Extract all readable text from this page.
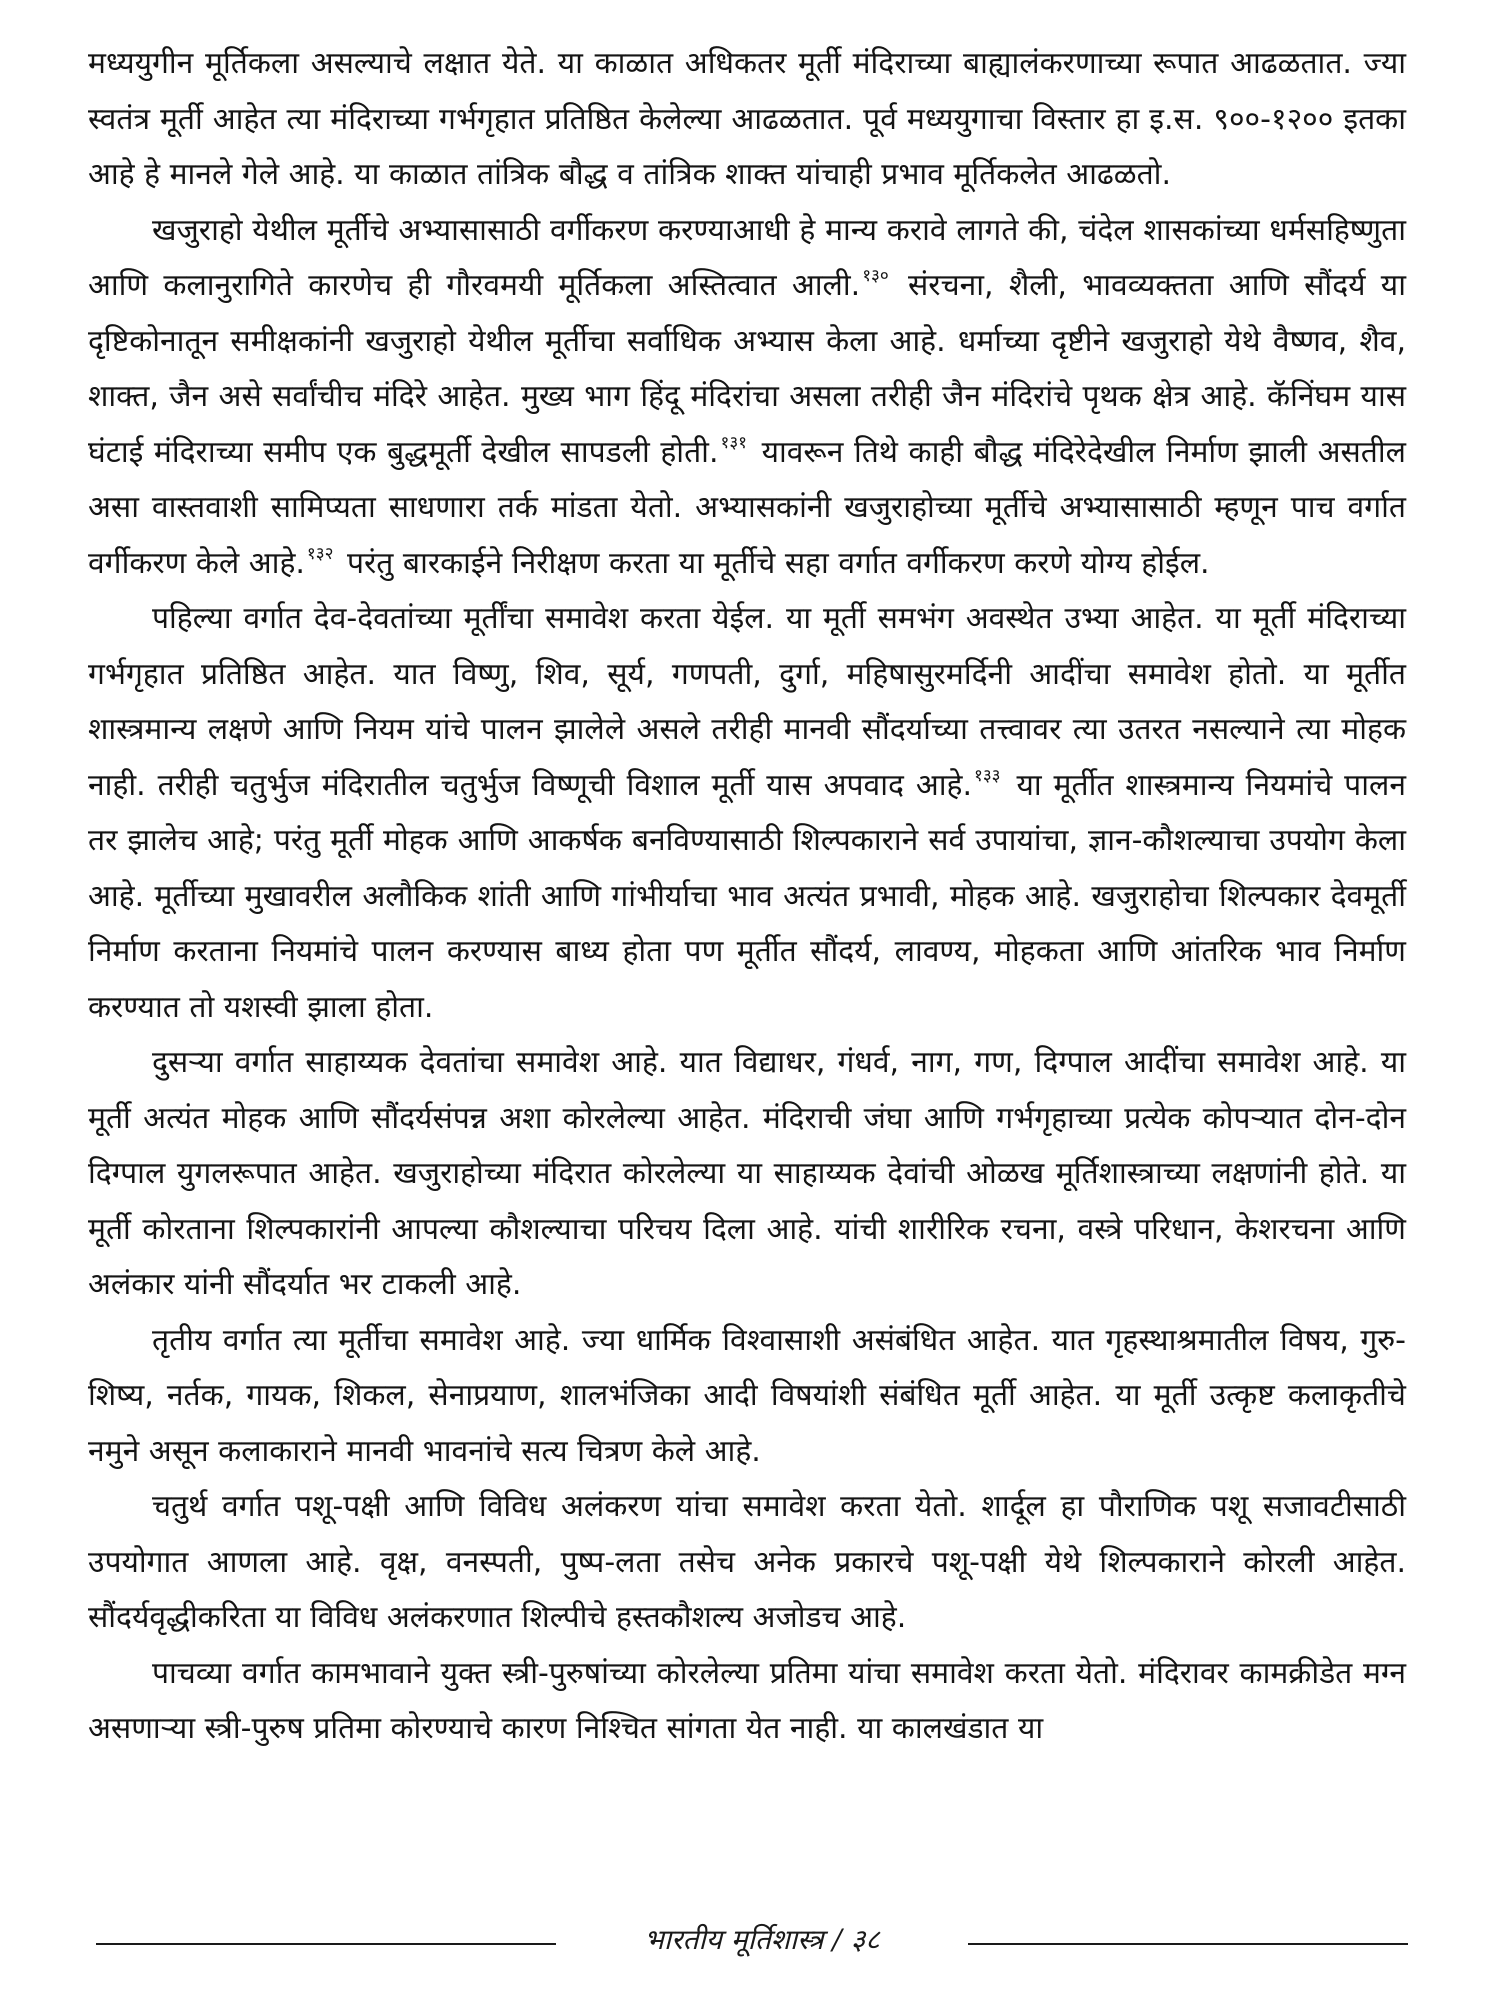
मध्ययुगीन मूर्तिकला असल्याचे लक्षात येते. या काळात अधिकतर मूर्ती मंदिराच्या बाह्यालंकरणाच्या रूपात आढळतात. ज्या स्वतंत्र मूर्ती आहेत त्या मंदिराच्या गर्भगृहात प्रतिष्ठित केलेल्या आढळतात. पूर्व मध्ययुगाचा विस्तार हा इ.स. ९००-१२०० इतका आहे हे मानले गेले आहे. या काळात तांत्रिक बौद्ध व तांत्रिक शाक्त यांचाही प्रभाव मूर्तिकलेत आढळतो.

खजुराहो येथील मूर्तीचे अभ्यासासाठी वर्गीकरण करण्याआधी हे मान्य करावे लागते की, चंदेल शासकांच्या धर्मसहिष्णुता आणि कलानुरागिते कारणेच ही गौरवमयी मूर्तिकला अस्तित्वात आली. $^{१३०}$ संरचना, शैली, भावव्यक्तता आणि सौंदर्य या दृष्टिकोनातून समीक्षकांनी खजुराहो येथील मूर्तीचा सर्वाधिक अभ्यास केला आहे. धर्माच्या दृष्टीने खजुराहो येथे वैष्णव, शैव, शाक्त, जैन असे सर्वांचीच मंदिरे आहेत. मुख्य भाग हिंदू मंदिरांचा असला तरीही जैन मंदिरांचे पृथक क्षेत्र आहे. कॅनिंघम यास घंटाई मंदिराच्या समीप एक बुद्धमूर्ती देखील सापडली होती. $^{१३१}$ यावरून तिथे काही बौद्ध मंदिरेदेखील निर्माण झाली असतील असा वास्तवाशी सामिप्यता साधणारा तर्क मांडता येतो. अभ्यासकांनी खजुराहोच्या मूर्तीचे अभ्यासासाठी म्हणून पाच वर्गात वर्गीकरण केले आहे. $^{१३२}$ परंतु बारकाईने निरीक्षण करता या मूर्तीचे सहा वर्गात वर्गीकरण करणे योग्य होईल.

पहिल्या वर्गात देव-देवतांच्या मूर्तींचा समावेश करता येईल. या मूर्ती समभंग अवस्थेत उभ्या आहेत. या मूर्ती मंदिराच्या गर्भगृहात प्रतिष्ठित आहेत. यात विष्णु, शिव, सूर्य, गणपती, दुर्गा, महिषासुरमर्दिनी आदींचा समावेश होतो. या मूर्तीत शास्त्रमान्य लक्षणे आणि नियम यांचे पालन झालेले असले तरीही मानवी सौंदर्याच्या तत्त्वावर त्या उतरत नसल्याने त्या मोहक नाही. तरीही चतुर्भुज मंदिरातील चतुर्भुज विष्णूची विशाल मूर्ती यास अपवाद आहे. $^{१३३}$ या मूर्तीत शास्त्रमान्य नियमांचे पालन तर झालेच आहे; परंतु मूर्ती मोहक आणि आकर्षक बनविण्यासाठी शिल्पकाराने सर्व उपायांचा, ज्ञान-कौशल्याचा उपयोग केला आहे. मूर्तीच्या मुखावरील अलौकिक शांती आणि गांभीर्याचा भाव अत्यंत प्रभावी, मोहक आहे. खजुराहोचा शिल्पकार देवमूर्ती निर्माण करताना नियमांचे पालन करण्यास बाध्य होता पण मूर्तीत सौंदर्य, लावण्य, मोहकता आणि आंतरिक भाव निर्माण करण्यात तो यशस्वी झाला होता.

दुसऱ्या वर्गात साहाय्यक देवतांचा समावेश आहे. यात विद्याधर, गंधर्व, नाग, गण, दिग्पाल आदींचा समावेश आहे. या मूर्ती अत्यंत मोहक आणि सौंदर्यसंपन्न अशा कोरलेल्या आहेत. मंदिराची जंघा आणि गर्भगृहाच्या प्रत्येक कोपऱ्यात दोन-दोन दिग्पाल युगलरूपात आहेत. खजुराहोच्या मंदिरात कोरलेल्या या साहाय्यक देवांची ओळख मूर्तिशास्त्राच्या लक्षणांनी होते. या मूर्ती कोरताना शिल्पकारांनी आपल्या कौशल्याचा परिचय दिला आहे. यांची शारीरिक रचना, वस्त्रे परिधान, केशरचना आणि अलंकार यांनी सौंदर्यात भर टाकली आहे.

तृतीय वर्गात त्या मूर्तीचा समावेश आहे. ज्या धार्मिक विश्वासाशी असंबंधित आहेत. यात गृहस्थाश्रमातील विषय, गुरु-शिष्य, नर्तक, गायक, शिकल, सेनाप्रयाण, शालभंजिका आदी विषयांशी संबंधित मूर्ती आहेत. या मूर्ती उत्कृष्ट कलाकृतीचे नमुने असून कलाकाराने मानवी भावनांचे सत्य चित्रण केले आहे.

चतुर्थ वर्गात पशू-पक्षी आणि विविध अलंकरण यांचा समावेश करता येतो. शार्दूल हा पौराणिक पशू सजावटीसाठी उपयोगात आणला आहे. वृक्ष, वनस्पती, पुष्प-लता तसेच अनेक प्रकारचे पशू-पक्षी येथे शिल्पकाराने कोरली आहेत. सौंदर्यवृद्धीकरिता या विविध अलंकरणात शिल्पीचे हस्तकौशल्य अजोडच आहे.

पाचव्या वर्गात कामभावाने युक्त स्त्री-पुरुषांच्या कोरलेल्या प्रतिमा यांचा समावेश करता येतो. मंदिरावर कामक्रीडेत मग्न असणाऱ्या स्त्री-पुरुष प्रतिमा कोरण्याचे कारण निश्चित सांगता येत नाही. या कालखंडात या

भारतीय मूर्तिशास्त्र / ३८
